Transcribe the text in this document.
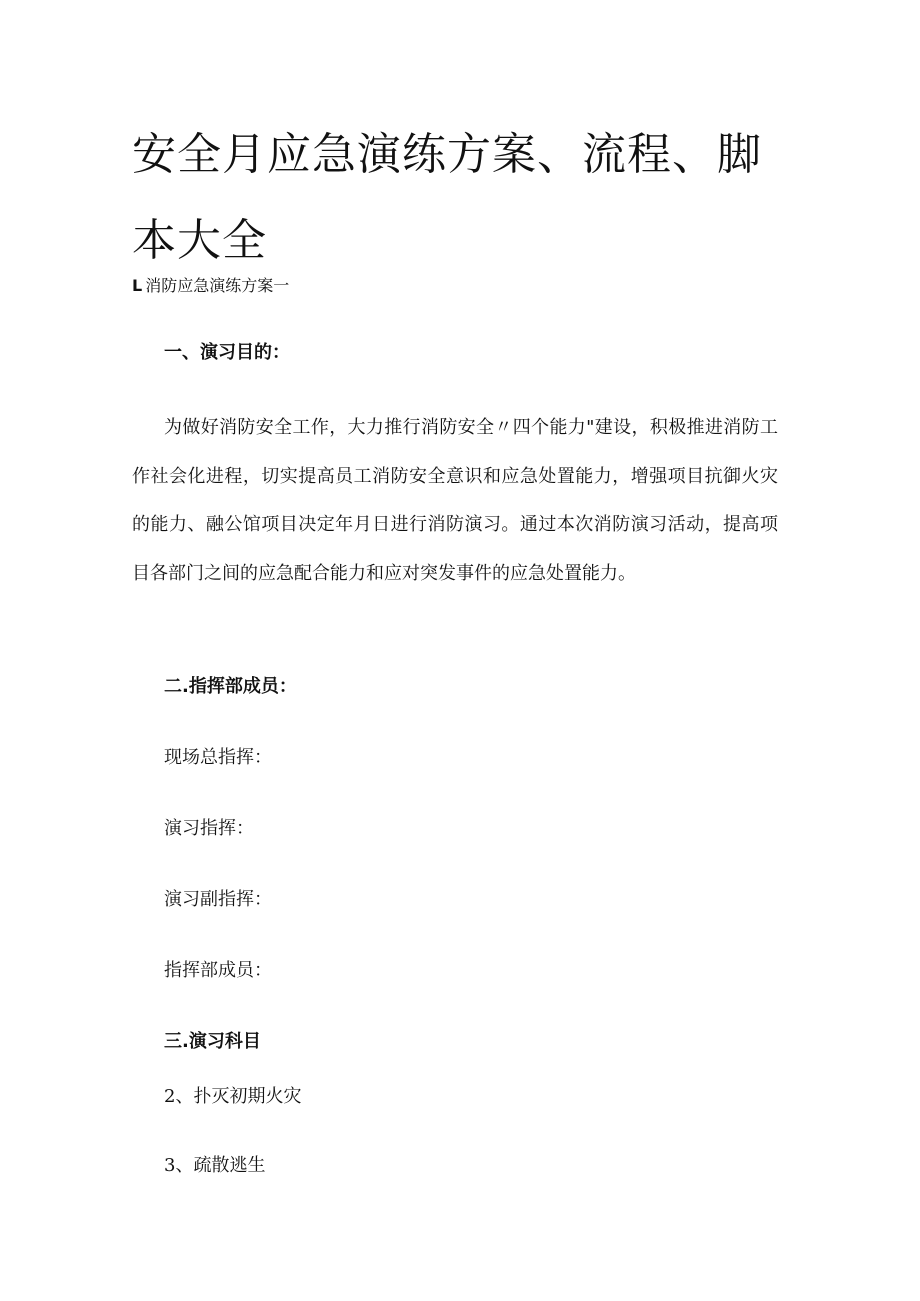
安全月应急演练方案、流程、脚本大全
L 消防应急演练方案一
一、演习目的：

为做好消防安全工作，大力推行消防安全〃四个能力"建设，积极推进消防工作社会化进程，切实提高员工消防安全意识和应急处置能力，增强项目抗御火灾的能力、融公馆项目决定年月日进行消防演习。通过本次消防演习活动，提高项目各部门之间的应急配合能力和应对突发事件的应急处置能力。

二.指挥部成员：

现场总指挥：

演习指挥：

演习副指挥：

指挥部成员：

三.演习科目

2、扑灭初期火灾

3、疏散逃生
